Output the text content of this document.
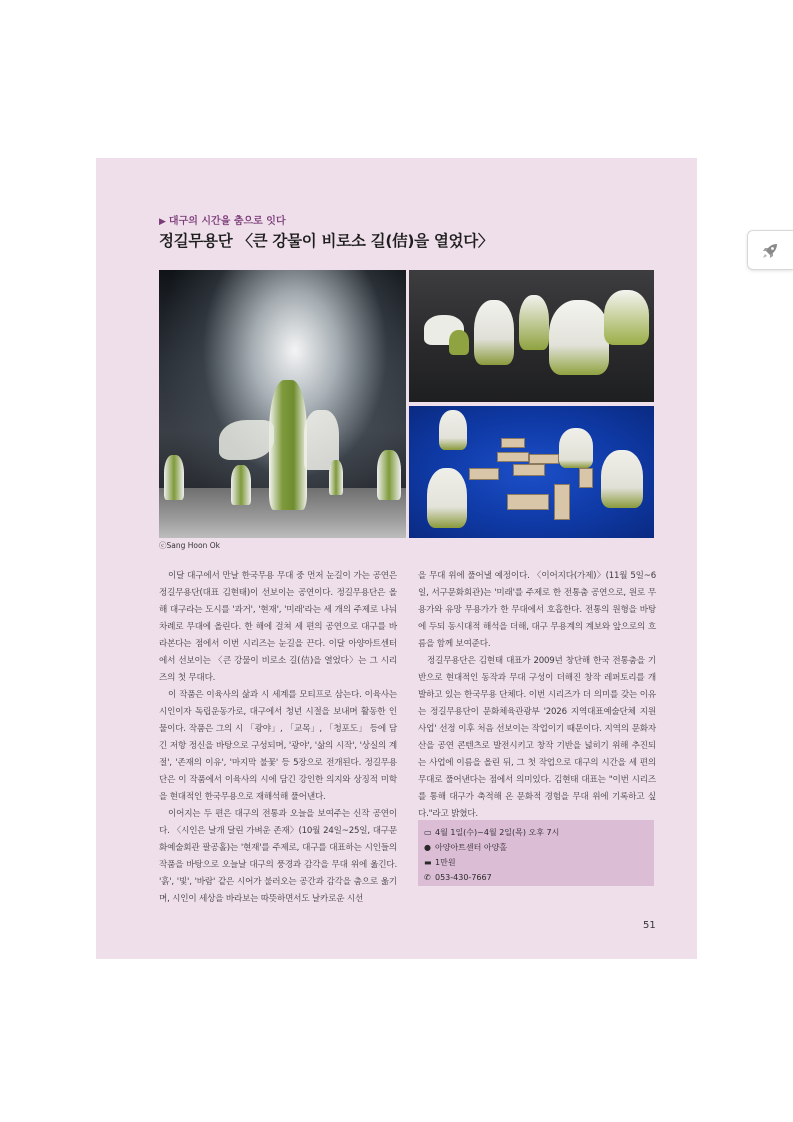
▶ 대구의 시간을 춤으로 잇다
정길무용단 〈큰 강물이 비로소 길(佶)을 열었다〉
ⓒSang Hoon Ok

이달 대구에서 만날 한국무용 무대 중 먼저 눈길이 가는 공연은 정길무용단(대표 김현태)이 선보이는 공연이다. 정길무용단은 올해 대구라는 도시를 '과거', '현재', '미래'라는 세 개의 주제로 나눠 차례로 무대에 올린다. 한 해에 걸쳐 세 편의 공연으로 대구를 바라본다는 점에서 이번 시리즈는 눈길을 끈다. 이달 아양아트센터에서 선보이는 〈큰 강물이 비로소 길(佶)을 열었다〉는 그 시리즈의 첫 무대다.

이 작품은 이육사의 삶과 시 세계를 모티프로 삼는다. 이육사는 시인이자 독립운동가로, 대구에서 청년 시절을 보내며 활동한 인물이다. 작품은 그의 시 「광야」, 「교목」, 「청포도」 등에 담긴 저항 정신을 바탕으로 구성되며, '광야', '삶의 시작', '상실의 계절', '존재의 이유', '마지막 불꽃' 등 5장으로 전개된다. 정길무용단은 이 작품에서 이육사의 시에 담긴 강인한 의지와 상징적 미학을 현대적인 한국무용으로 재해석해 풀어낸다.

이어지는 두 편은 대구의 전통과 오늘을 보여주는 신작 공연이다. 〈시인은 날개 달린 가벼운 존재〉(10월 24일~25일, 대구문화예술회관 팔공홀)는 '현재'를 주제로, 대구를 대표하는 시인들의 작품을 바탕으로 오늘날 대구의 풍경과 감각을 무대 위에 옮긴다. '흙', '빛', '바람' 같은 시어가 불러오는 공간과 감각을 춤으로 옮기며, 시인이 세상을 바라보는 따뜻하면서도 날카로운 시선

을 무대 위에 풀어낼 예정이다. 〈이어지다(가제)〉(11월 5일~6일, 서구문화회관)는 '미래'를 주제로 한 전통춤 공연으로, 원로 무용가와 유망 무용가가 한 무대에서 호흡한다. 전통의 원형을 바탕에 두되 동시대적 해석을 더해, 대구 무용계의 계보와 앞으로의 흐름을 함께 보여준다.

정길무용단은 김현태 대표가 2009년 창단해 한국 전통춤을 기반으로 현대적인 동작과 무대 구성이 더해진 창작 레퍼토리를 개발하고 있는 한국무용 단체다. 이번 시리즈가 더 의미를 갖는 이유는 정길무용단이 문화체육관광부 '2026 지역대표예술단체 지원사업' 선정 이후 처음 선보이는 작업이기 때문이다. 지역의 문화자산을 공연 콘텐츠로 발전시키고 창작 기반을 넓히기 위해 추진되는 사업에 이름을 올린 뒤, 그 첫 작업으로 대구의 시간을 세 편의 무대로 풀어낸다는 점에서 의미있다. 김현태 대표는 "이번 시리즈를 통해 대구가 축적해 온 문화적 경험을 무대 위에 기록하고 싶다."라고 밝혔다.

▭ 4월 1일(수)~4월 2일(목) 오후 7시
● 아양아트센터 아양홀
▬ 1만원
✆ 053-430-7667
51
